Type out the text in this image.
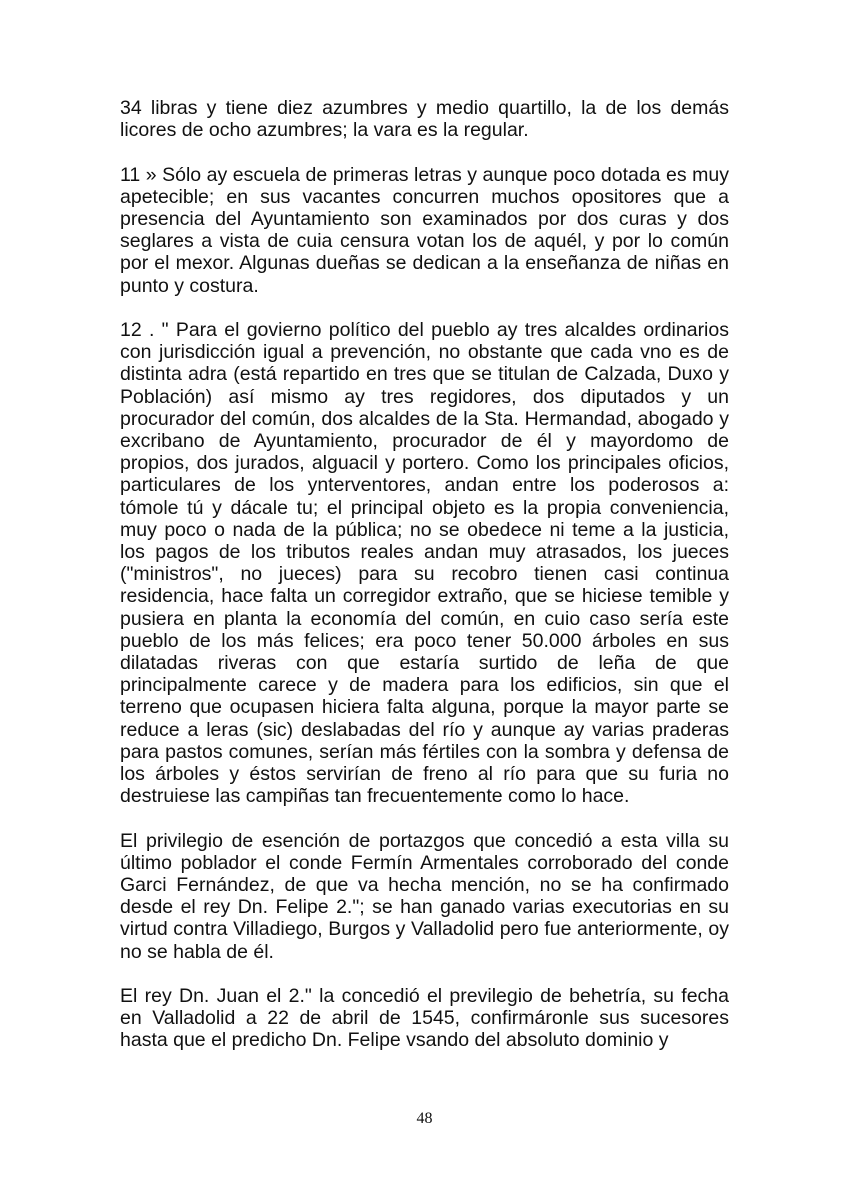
34 libras y tiene diez azumbres y medio quartillo, la de los demás licores de ocho azumbres; la vara es la regular.

11 » Sólo ay escuela de primeras letras y aunque poco dotada es muy apetecible; en sus vacantes concurren muchos opositores que a presencia del Ayuntamiento son examinados por dos curas y dos seglares a vista de cuia censura votan los de aquél, y por lo común por el mexor. Algunas dueñas se dedican a la enseñanza de niñas en punto y costura.

12 . " Para el govierno político del pueblo ay tres alcaldes ordinarios con jurisdicción igual a prevención, no obstante que cada vno es de distinta adra (está repartido en tres que se titulan de Calzada, Duxo y Población) así mismo ay tres regidores, dos diputados y un procurador del común, dos alcaldes de la Sta. Hermandad, abogado y excribano de Ayuntamiento, procurador de él y mayordomo de propios, dos jurados, alguacil y portero. Como los principales oficios, particulares de los ynterventores, andan entre los poderosos a: tómole tú y dácale tu; el principal objeto es la propia conveniencia, muy poco o nada de la pública; no se obedece ni teme a la justicia, los pagos de los tributos reales andan muy atrasados, los jueces ("ministros", no jueces) para su recobro tienen casi continua residencia, hace falta un corregidor extraño, que se hiciese temible y pusiera en planta la economía del común, en cuio caso sería este pueblo de los más felices; era poco tener 50.000 árboles en sus dilatadas riveras con que estaría surtido de leña de que principalmente carece y de madera para los edificios, sin que el terreno que ocupasen hiciera falta alguna, porque la mayor parte se reduce a leras (sic) deslabadas del río y aunque ay varias praderas para pastos comunes, serían más fértiles con la sombra y defensa de los árboles y éstos servirían de freno al río para que su furia no destruiese las campiñas tan frecuentemente como lo hace.

El privilegio de esención de portazgos que concedió a esta villa su último poblador el conde Fermín Armentales corroborado del conde Garci Fernández, de que va hecha mención, no se ha confirmado desde el rey Dn. Felipe 2."; se han ganado varias executorias en su virtud contra Villadiego, Burgos y Valladolid pero fue anteriormente, oy no se habla de él.

El rey Dn. Juan el 2." la concedió el previlegio de behetría, su fecha en Valladolid a 22 de abril de 1545, confirmáronle sus sucesores hasta que el predicho Dn. Felipe vsando del absoluto dominio y

48
